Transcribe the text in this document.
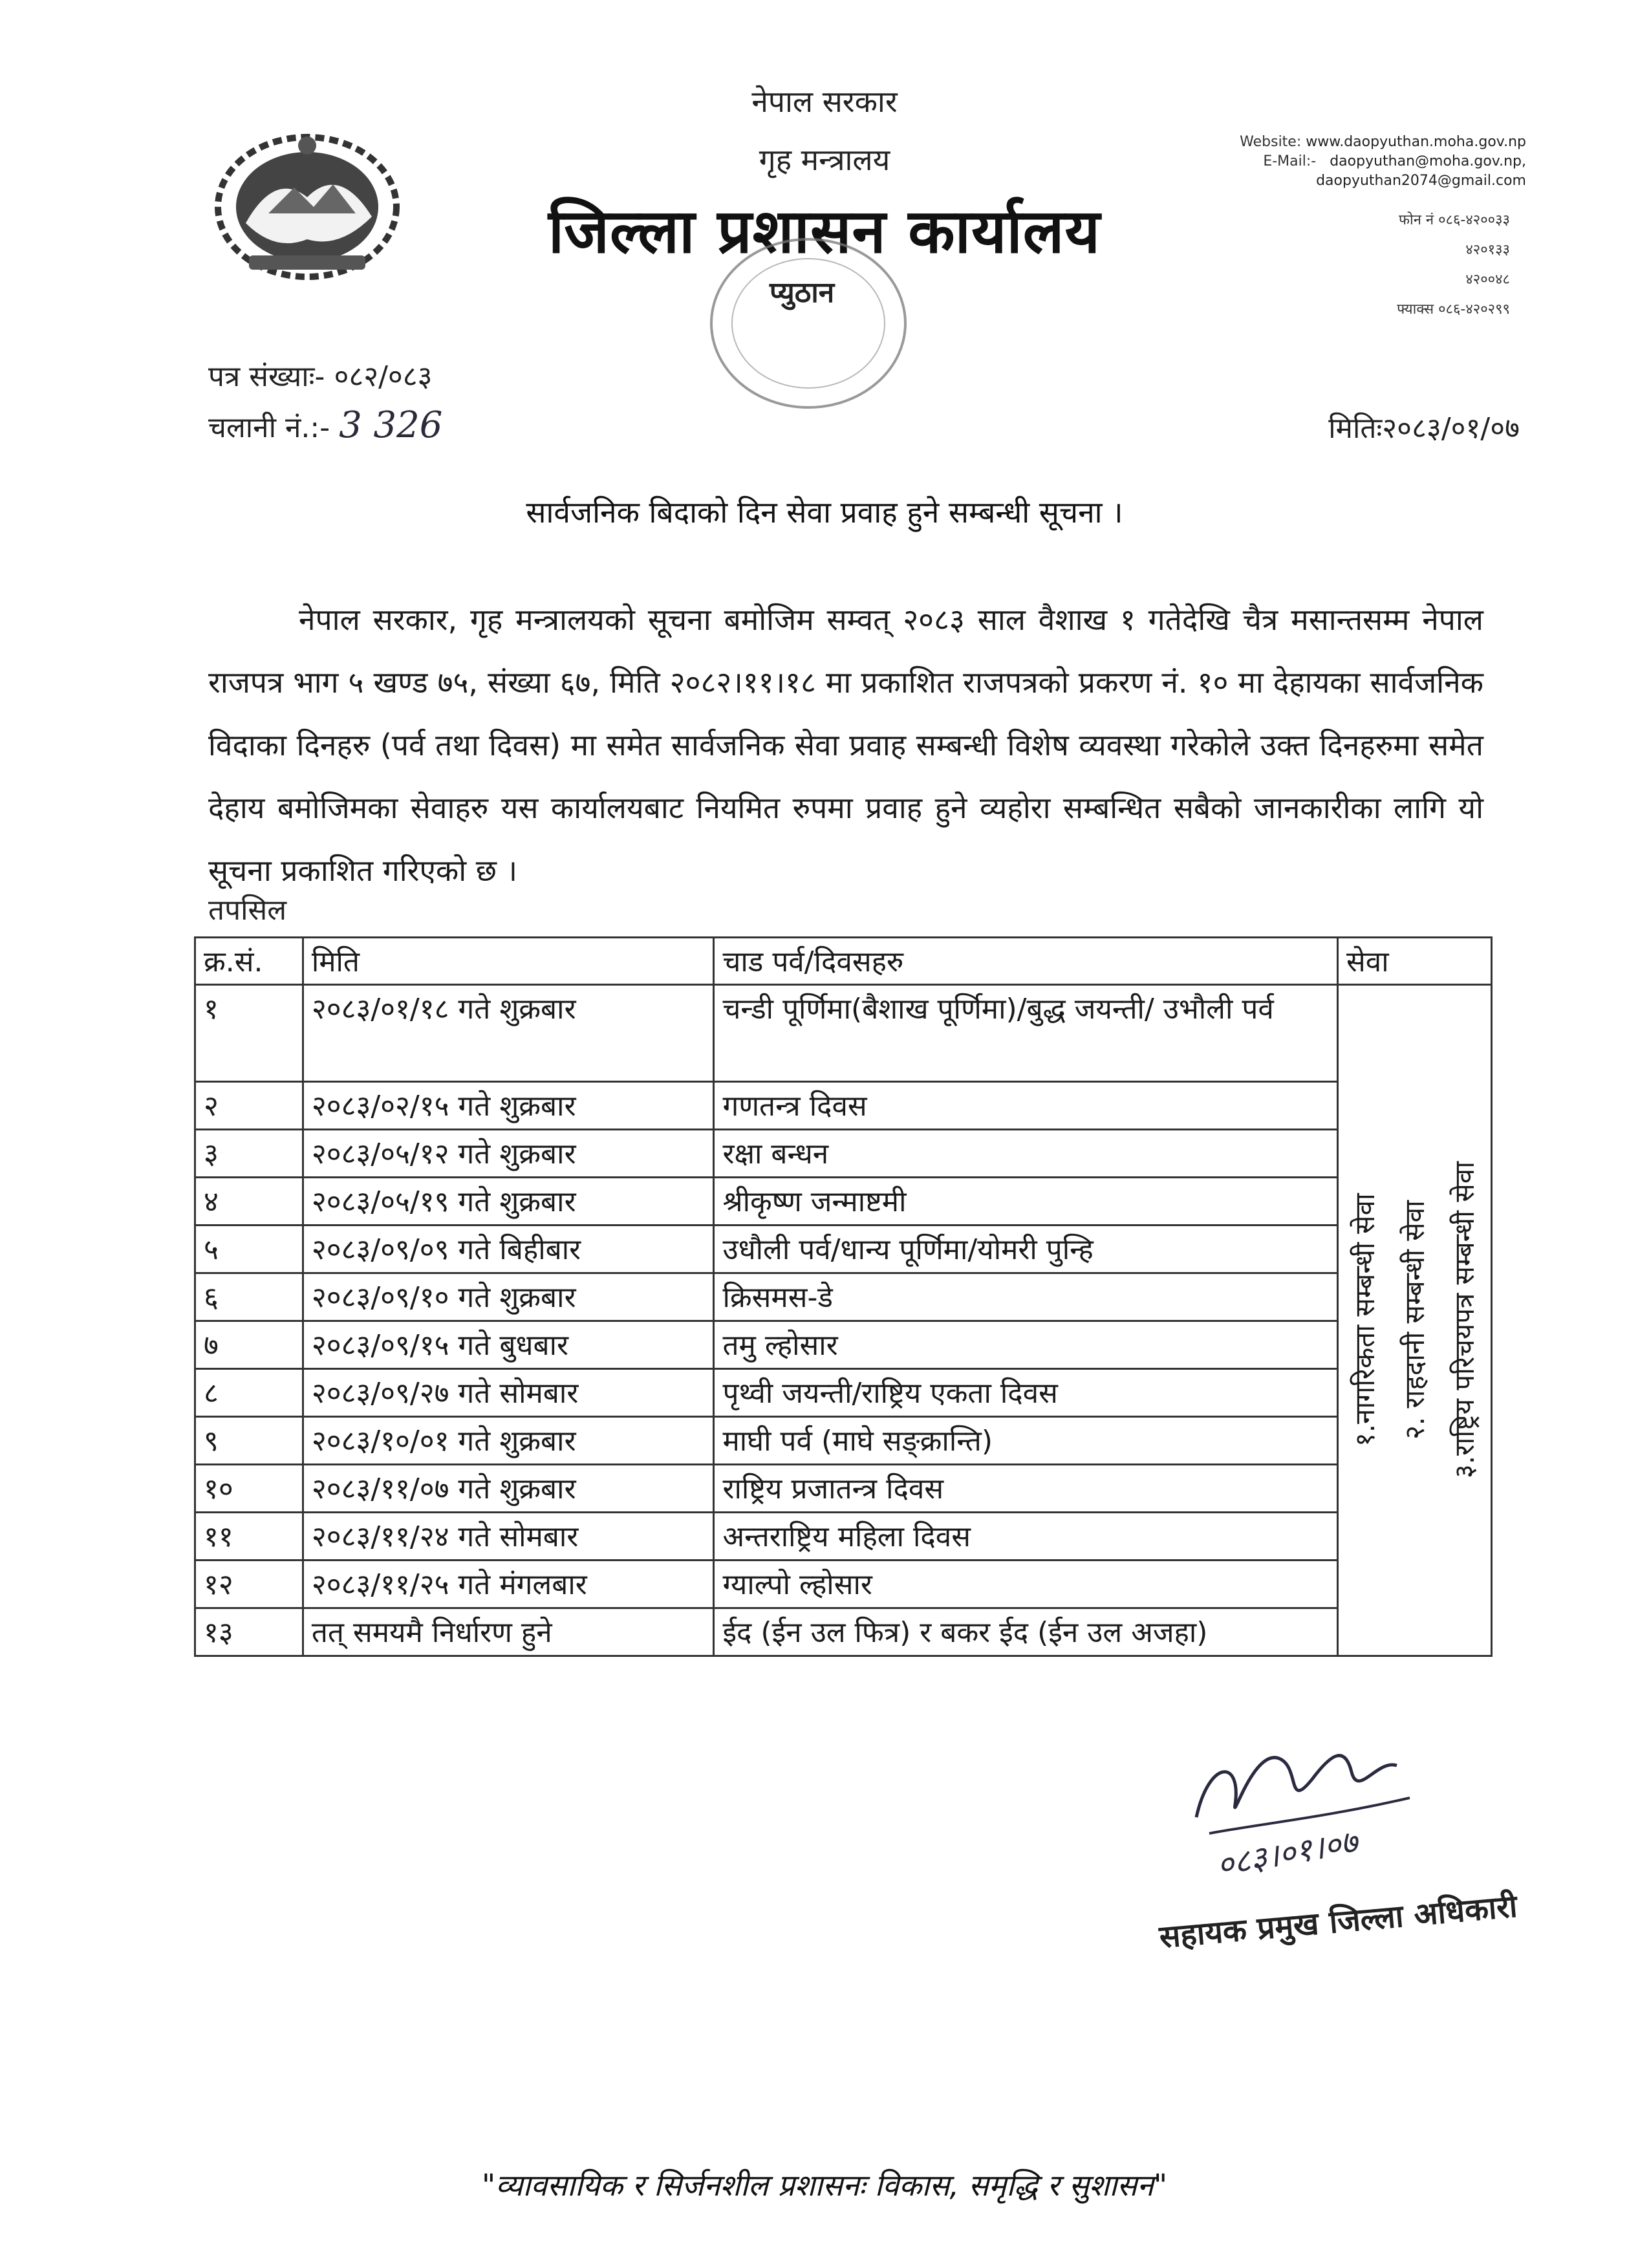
नेपाल सरकार
गृह मन्त्रालय
जिल्ला प्रशासन कार्यालय
प्युठान
Website: www.daopyuthan.moha.gov.np
E-Mail:- daopyuthan@moha.gov.np,
daopyuthan2074@gmail.com
फोन नं ०८६-४२००३३
४२०१३३
४२००४८
फ्याक्स ०८६-४२०२९९
पत्र संख्याः- ०८२/०८३
चलानी नं.:- 3 326	मितिः२०८३/०१/०७
सार्वजनिक बिदाको दिन सेवा प्रवाह हुने सम्बन्धी सूचना ।
नेपाल सरकार, गृह मन्त्रालयको सूचना बमोजिम सम्वत् २०८३ साल वैशाख १ गतेदेखि चैत्र मसान्तसम्म नेपाल राजपत्र भाग ५ खण्ड ७५, संख्या ६७, मिति २०८२।११।१८ मा प्रकाशित राजपत्रको प्रकरण नं. १० मा देहायका सार्वजनिक विदाका दिनहरु (पर्व तथा दिवस) मा समेत सार्वजनिक सेवा प्रवाह सम्बन्धी विशेष व्यवस्था गरेकोले उक्त दिनहरुमा समेत देहाय बमोजिमका सेवाहरु यस कार्यालयबाट नियमित रुपमा प्रवाह हुने व्यहोरा सम्बन्धित सबैको जानकारीका लागि यो सूचना प्रकाशित गरिएको छ ।
तपसिल
क्र.सं.	मिति	चाड पर्व/दिवसहरु	सेवा
१	२०८३/०१/१८ गते शुक्रबार	चन्डी पूर्णिमा(बैशाख पूर्णिमा)/बुद्ध जयन्ती/ उभौली पर्व	१.नागरिकता सम्बन्धी सेवा २. राहदानी सम्बन्धी सेवा ३.राष्ट्रिय परिचयपत्र सम्बन्धी सेवा

२	२०८३/०२/१५ गते शुक्रबार	गणतन्त्र दिवस	
३	२०८३/०५/१२ गते शुक्रबार	रक्षा बन्धन	
४	२०८३/०५/१९ गते शुक्रबार	श्रीकृष्ण जन्माष्टमी	
५	२०८३/०९/०९ गते बिहीबार	उधौली पर्व/धान्य पूर्णिमा/योमरी पुन्हि	
६	२०८३/०९/१० गते शुक्रबार	क्रिसमस-डे	
७	२०८३/०९/१५ गते बुधबार	तमु ल्होसार	
८	२०८३/०९/२७ गते सोमबार	पृथ्वी जयन्ती/राष्ट्रिय एकता दिवस	
९	२०८३/१०/०१ गते शुक्रबार	माघी पर्व (माघे सङ्क्रान्ति)	
१०	२०८३/११/०७ गते शुक्रबार	राष्ट्रिय प्रजातन्त्र दिवस	
११	२०८३/११/२४ गते सोमबार	अन्तराष्ट्रिय महिला दिवस	
१२	२०८३/११/२५ गते मंगलबार	ग्याल्पो ल्होसार	
१३	तत् समयमै निर्धारण हुने	ईद (ईन उल फित्र) र बकर ईद (ईन उल अजहा)	
०८३।०१।०७
सहायक प्रमुख जिल्ला अधिकारी
"व्यावसायिक र सिर्जनशील प्रशासनः विकास, समृद्धि र सुशासन"
